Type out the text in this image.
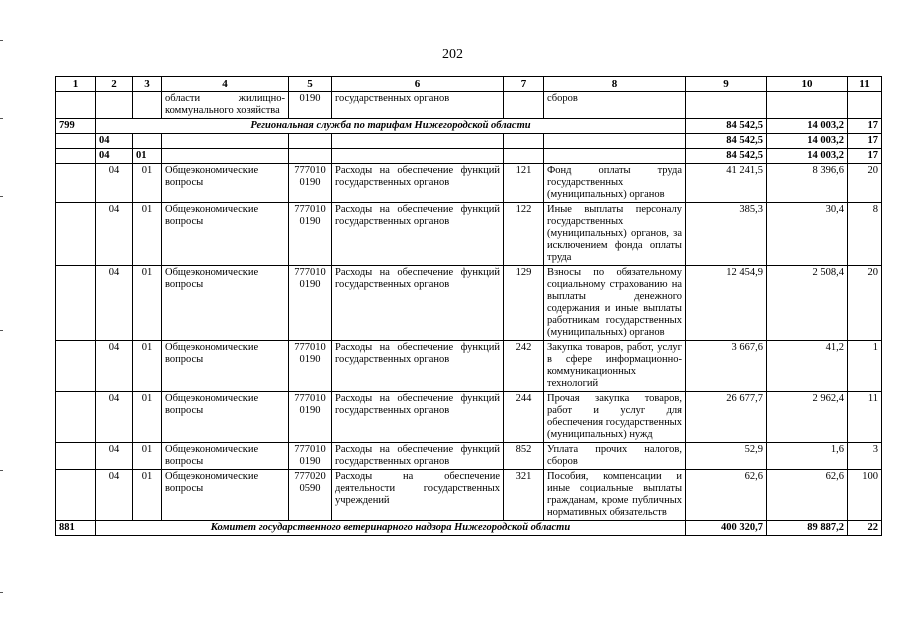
202
1	2	3	4	5	6	7	8	9	10	11
			области жилищно-коммунального хозяйства	0190	государственных органов		сборов			
799	Региональная служба по тарифам Нижегородской области							84 542,5	14 003,2	17
	04							84 542,5	14 003,2	17
	04	01						84 542,5	14 003,2	17
	04	01	Общеэкономические вопросы	777010 0190	Расходы на обеспечение функций государственных органов	121	Фонд оплаты труда государственных (муниципальных) органов	41 241,5	8 396,6	20
	04	01	Общеэкономические вопросы	777010 0190	Расходы на обеспечение функций государственных органов	122	Иные выплаты персоналу государственных (муниципальных) органов, за исключением фонда оплаты труда	385,3	30,4	8
	04	01	Общеэкономические вопросы	777010 0190	Расходы на обеспечение функций государственных органов	129	Взносы по обязательному социальному страхованию на выплаты денежного содержания и иные выплаты работникам государственных (муниципальных) органов	12 454,9	2 508,4	20
	04	01	Общеэкономические вопросы	777010 0190	Расходы на обеспечение функций государственных органов	242	Закупка товаров, работ, услуг в сфере информационно-коммуникационных технологий	3 667,6	41,2	1
	04	01	Общеэкономические вопросы	777010 0190	Расходы на обеспечение функций государственных органов	244	Прочая закупка товаров, работ и услуг для обеспечения государственных (муниципальных) нужд	26 677,7	2 962,4	11
	04	01	Общеэкономические вопросы	777010 0190	Расходы на обеспечение функций государственных органов	852	Уплата прочих налогов, сборов	52,9	1,6	3
	04	01	Общеэкономические вопросы	777020 0590	Расходы на обеспечение деятельности государственных учреждений	321	Пособия, компенсации и иные социальные выплаты гражданам, кроме публичных нормативных обязательств	62,6	62,6	100
881	Комитет государственного ветеринарного надзора Нижегородской области							400 320,7	89 887,2	22
